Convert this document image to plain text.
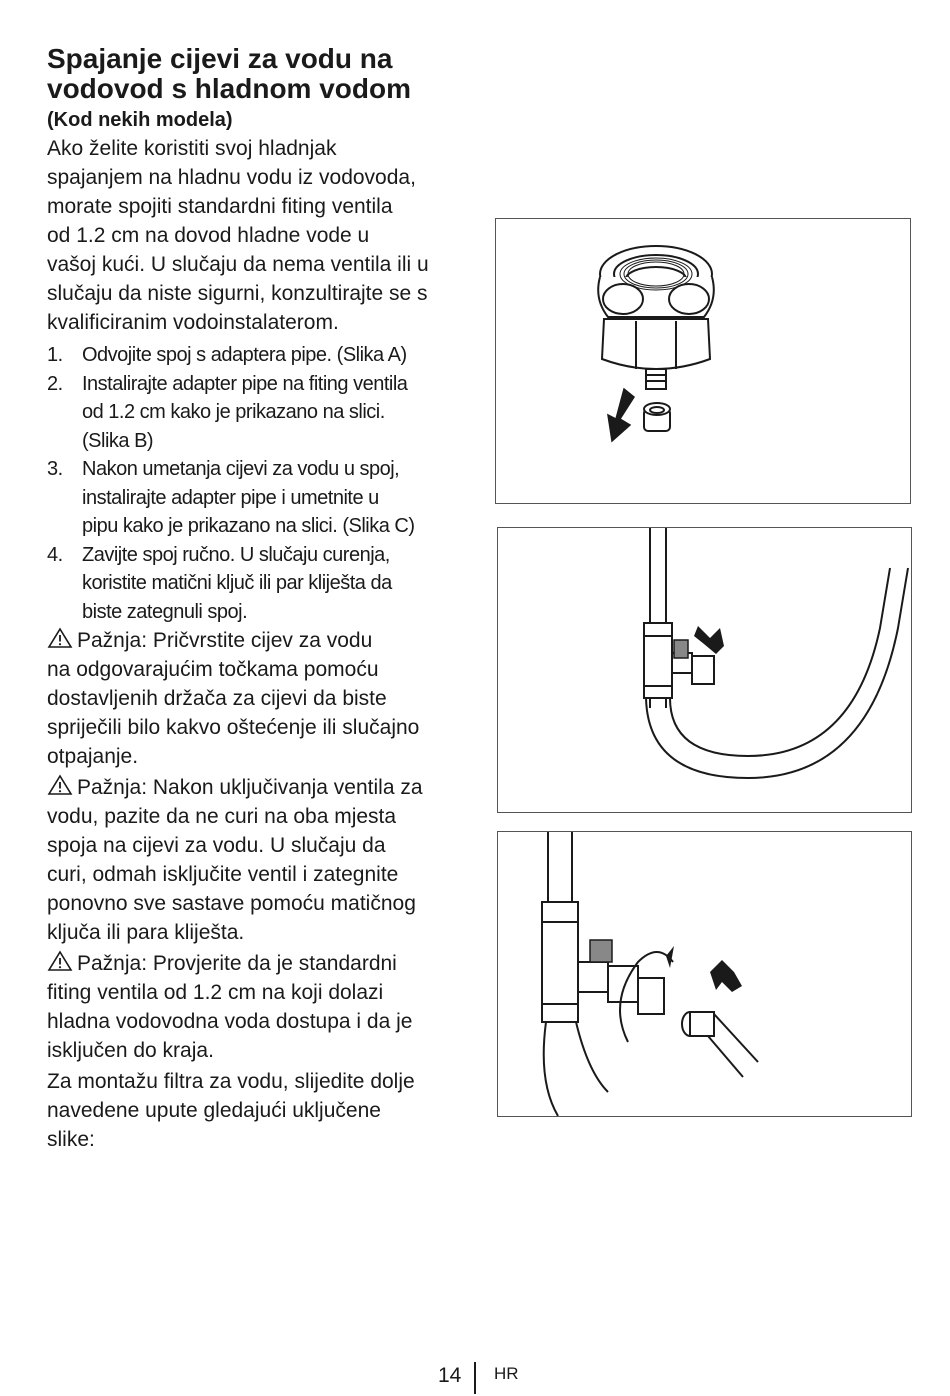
Spajanje cijevi za vodu na
vodovod s hladnom vodom

(Kod nekih modela)

Ako želite koristiti svoj hladnjak
spajanjem na hladnu vodu iz vodovoda,
morate spojiti standardni fiting ventila
od 1.2 cm na dovod hladne vode u
vašoj kući. U slučaju da nema ventila ili u
slučaju da niste sigurni, konzultirajte se s
kvalificiranim vodoinstalaterom.

1. Odvojite spoj s adaptera pipe. (Slika A)
2. Instalirajte adapter pipe na fiting ventila
od 1.2 cm kako je prikazano na slici.
(Slika B)
3. Nakon umetanja cijevi za vodu u spoj,
instalirajte adapter pipe i umetnite u
pipu kako je prikazano na slici. (Slika C)
4. Zavijte spoj ručno. U slučaju curenja,
koristite matični ključ ili par kliješta da
biste zategnuli spoj.

Pažnja: Pričvrstite cijev za vodu
na odgovarajućim točkama pomoću
dostavljenih držača za cijevi da biste
spriječili bilo kakvo oštećenje ili slučajno
otpajanje.

Pažnja: Nakon uključivanja ventila za
vodu, pazite da ne curi na oba mjesta
spoja na cijevi za vodu. U slučaju da
curi, odmah isključite ventil i zategnite
ponovno sve sastave pomoću matičnog
ključa ili para kliješta.

Pažnja: Provjerite da je standardni
fiting ventila od 1.2 cm na koji dolazi
hladna vodovodna voda dostupa i da je
isključen do kraja.

Za montažu filtra za vodu, slijedite dolje
navedene upute gledajući uključene
slike:

14 HR
